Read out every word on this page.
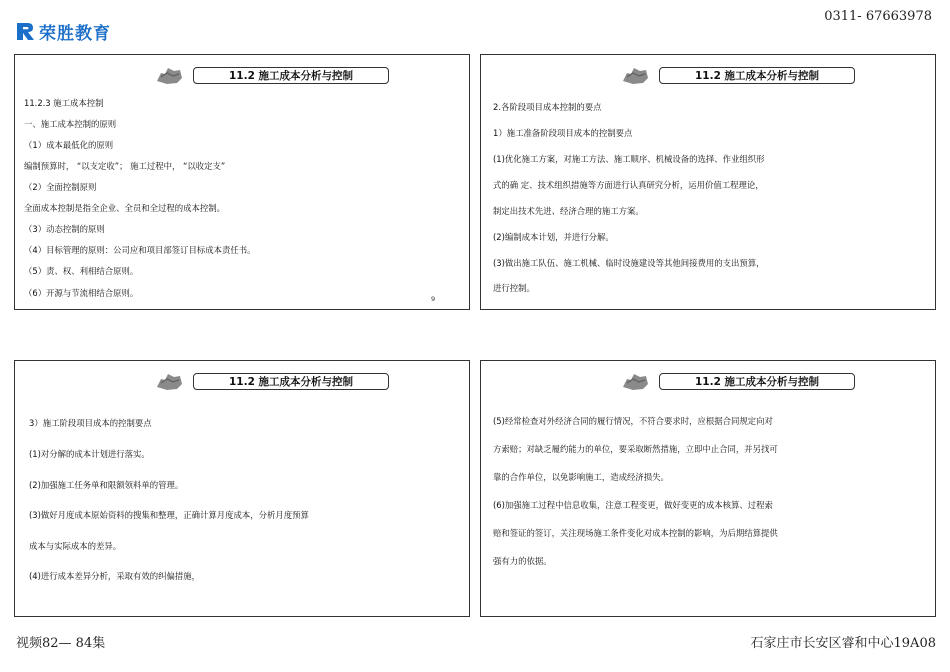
荣胜教育
0311- 67663978
11.2 施工成本分析与控制
11.2.3 施工成本控制
一、施工成本控制的原则
（1）成本最低化的原则
编制预算时， “以支定收”； 施工过程中， “以收定支”
（2）全面控制原则
全面成本控制是指全企业、全员和全过程的成本控制。
（3）动态控制的原则
（4）目标管理的原则：公司应和项目部签订目标成本责任书。
（5）责、权、利相结合原则。
（6）开源与节流相结合原则。
9
11.2 施工成本分析与控制
2.各阶段项目成本控制的要点
1）施工准备阶段项目成本的控制要点
(1)优化施工方案，对施工方法、施工顺序、机械设备的选择、作业组织形
式的确 定、技术组织措施等方面进行认真研究分析，运用价值工程理论，
制定出技术先进、经济合理的施工方案。
(2)编制成本计划，并进行分解。
(3)做出施工队伍、施工机械、临时设施建设等其他间接费用的支出预算，
进行控制。
11.2 施工成本分析与控制
3）施工阶段项目成本的控制要点
(1)对分解的成本计划进行落实。
(2)加强施工任务单和限额领料单的管理。
(3)做好月度成本原始资料的搜集和整理，正确计算月度成本，分析月度预算
成本与实际成本的差异。
(4)进行成本差异分析，采取有效的纠偏措施，
11.2 施工成本分析与控制
(5)经常检查对外经济合同的履行情况，不符合要求时，应根据合同规定向对
方索赔；对缺乏履约能力的单位，要采取断然措施，立即中止合同，并另找可
靠的合作单位，以免影响施工，造成经济损失。
(6)加强施工过程中信息收集，注意工程变更，做好变更的成本核算、过程索
赔和签证的签订，关注现场施工条件变化对成本控制的影响，为后期结算提供
强有力的依据。
视频82— 84集	石家庄市长安区睿和中心19A08
